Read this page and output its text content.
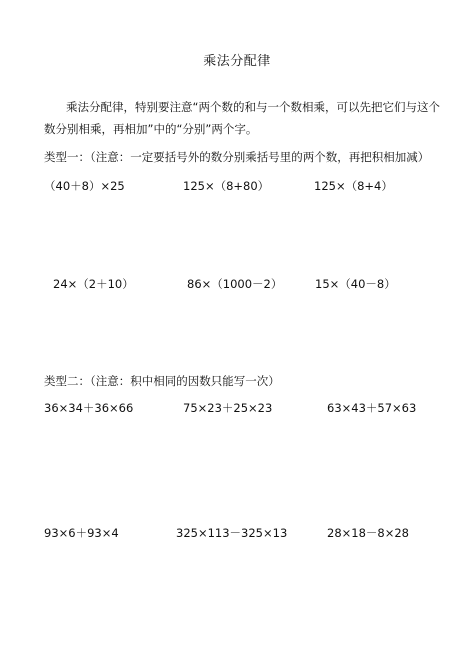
乘法分配律
乘法分配律，特别要注意“两个数的和与一个数相乘，可以先把它们与这个
数分别相乘，再相加”中的“分别”两个字。
类型一：（注意：一定要括号外的数分别乘括号里的两个数，再把积相加减）
（40＋8）×25	125×（8+80）	125×（8+4）
24×（2＋10）	86×（1000－2）	15×（40－8）
类型二：（注意：积中相同的因数只能写一次）
36×34＋36×66	75×23＋25×23	63×43＋57×63
93×6＋93×4	325×113－325×13	28×18－8×28
